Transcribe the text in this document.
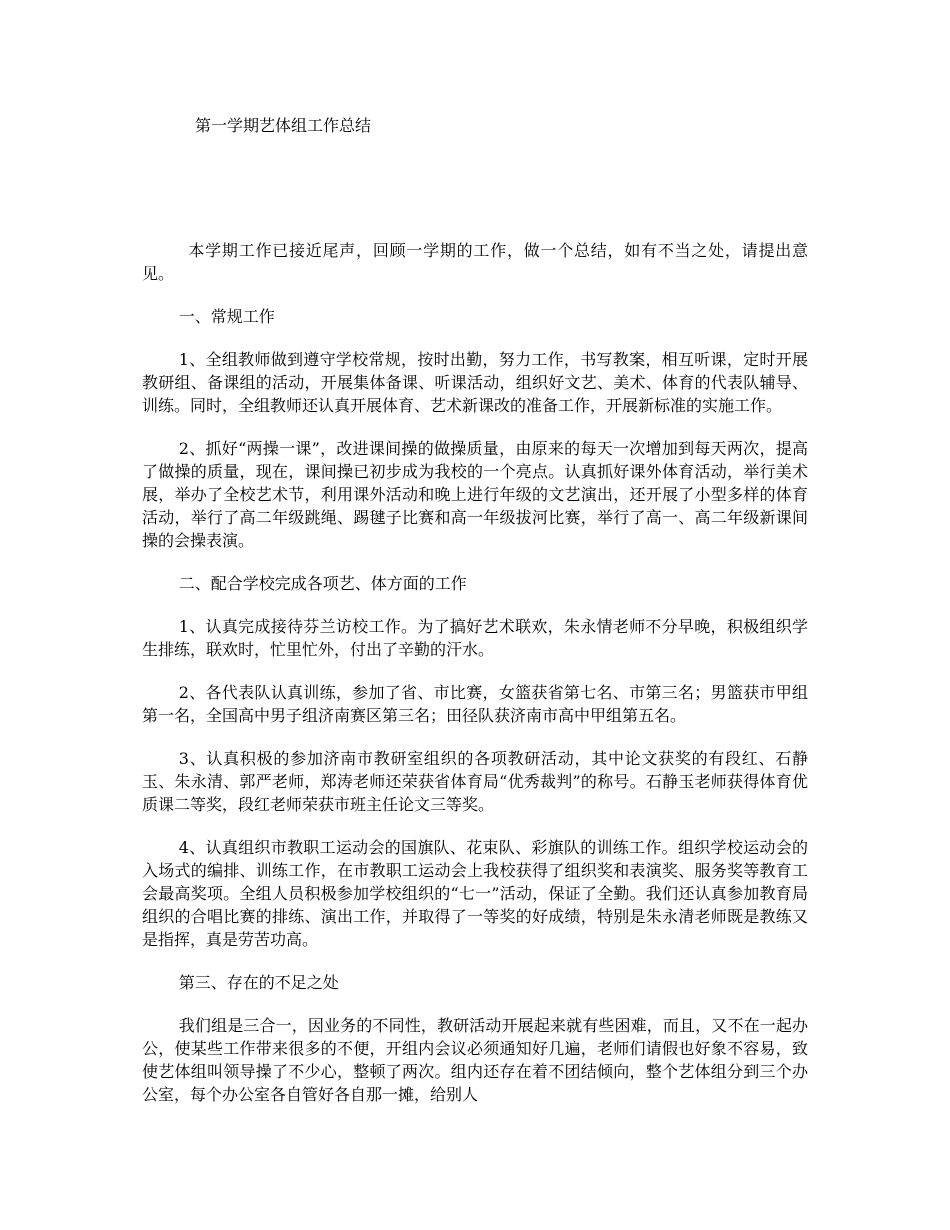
第一学期艺体组工作总结

本学期工作已接近尾声，回顾一学期的工作，做一个总结，如有不当之处，请提出意见。

一、常规工作

1、全组教师做到遵守学校常规，按时出勤，努力工作，书写教案，相互听课，定时开展教研组、备课组的活动，开展集体备课、听课活动，组织好文艺、美术、体育的代表队辅导、训练。同时，全组教师还认真开展体育、艺术新课改的准备工作，开展新标准的实施工作。

2、抓好“两操一课”，改进课间操的做操质量，由原来的每天一次增加到每天两次，提高了做操的质量，现在，课间操已初步成为我校的一个亮点。认真抓好课外体育活动，举行美术展，举办了全校艺术节，利用课外活动和晚上进行年级的文艺演出，还开展了小型多样的体育活动，举行了高二年级跳绳、踢毽子比赛和高一年级拔河比赛，举行了高一、高二年级新课间操的会操表演。

二、配合学校完成各项艺、体方面的工作

1、认真完成接待芬兰访校工作。为了搞好艺术联欢，朱永情老师不分早晚，积极组织学生排练，联欢时，忙里忙外，付出了辛勤的汗水。

2、各代表队认真训练，参加了省、市比赛，女篮获省第七名、市第三名；男篮获市甲组第一名，全国高中男子组济南赛区第三名；田径队获济南市高中甲组第五名。

3、认真积极的参加济南市教研室组织的各项教研活动，其中论文获奖的有段红、石静玉、朱永清、郭严老师，郑涛老师还荣获省体育局“优秀裁判”的称号。石静玉老师获得体育优质课二等奖，段红老师荣获市班主任论文三等奖。

4、认真组织市教职工运动会的国旗队、花束队、彩旗队的训练工作。组织学校运动会的入场式的编排、训练工作，在市教职工运动会上我校获得了组织奖和表演奖、服务奖等教育工会最高奖项。全组人员积极参加学校组织的“七一”活动，保证了全勤。我们还认真参加教育局组织的合唱比赛的排练、演出工作，并取得了一等奖的好成绩，特别是朱永清老师既是教练又是指挥，真是劳苦功高。

第三、存在的不足之处

我们组是三合一，因业务的不同性，教研活动开展起来就有些困难，而且，又不在一起办公，使某些工作带来很多的不便，开组内会议必须通知好几遍，老师们请假也好象不容易，致使艺体组叫领导操了不少心，整顿了两次。组内还存在着不团结倾向，整个艺体组分到三个办公室，每个办公室各自管好各自那一摊，给别人
